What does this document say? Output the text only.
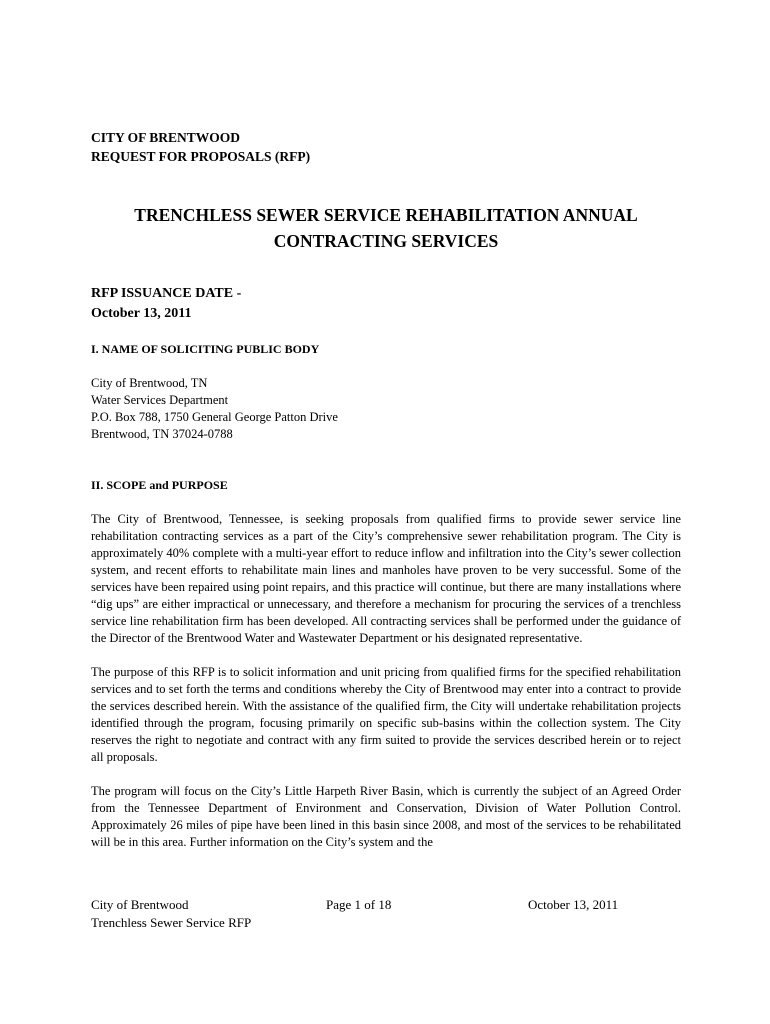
CITY OF BRENTWOOD
REQUEST FOR PROPOSALS (RFP)
TRENCHLESS SEWER SERVICE REHABILITATION ANNUAL
CONTRACTING SERVICES
RFP ISSUANCE DATE -
October 13, 2011
I. NAME OF SOLICITING PUBLIC BODY
City of Brentwood, TN
Water Services Department
P.O. Box 788, 1750 General George Patton Drive
Brentwood, TN 37024-0788
II. SCOPE and PURPOSE

The City of Brentwood, Tennessee, is seeking proposals from qualified firms to provide sewer service line rehabilitation contracting services as a part of the City’s comprehensive sewer rehabilitation program. The City is approximately 40% complete with a multi-year effort to reduce inflow and infiltration into the City’s sewer collection system, and recent efforts to rehabilitate main lines and manholes have proven to be very successful. Some of the services have been repaired using point repairs, and this practice will continue, but there are many installations where “dig ups” are either impractical or unnecessary, and therefore a mechanism for procuring the services of a trenchless service line rehabilitation firm has been developed. All contracting services shall be performed under the guidance of the Director of the Brentwood Water and Wastewater Department or his designated representative.

The purpose of this RFP is to solicit information and unit pricing from qualified firms for the specified rehabilitation services and to set forth the terms and conditions whereby the City of Brentwood may enter into a contract to provide the services described herein. With the assistance of the qualified firm, the City will undertake rehabilitation projects identified through the program, focusing primarily on specific sub-basins within the collection system. The City reserves the right to negotiate and contract with any firm suited to provide the services described herein or to reject all proposals.

The program will focus on the City’s Little Harpeth River Basin, which is currently the subject of an Agreed Order from the Tennessee Department of Environment and Conservation, Division of Water Pollution Control. Approximately 26 miles of pipe have been lined in this basin since 2008, and most of the services to be rehabilitated will be in this area. Further information on the City’s system and the

City of Brentwood
Trenchless Sewer Service RFP
Page 1 of 18	October 13, 2011
